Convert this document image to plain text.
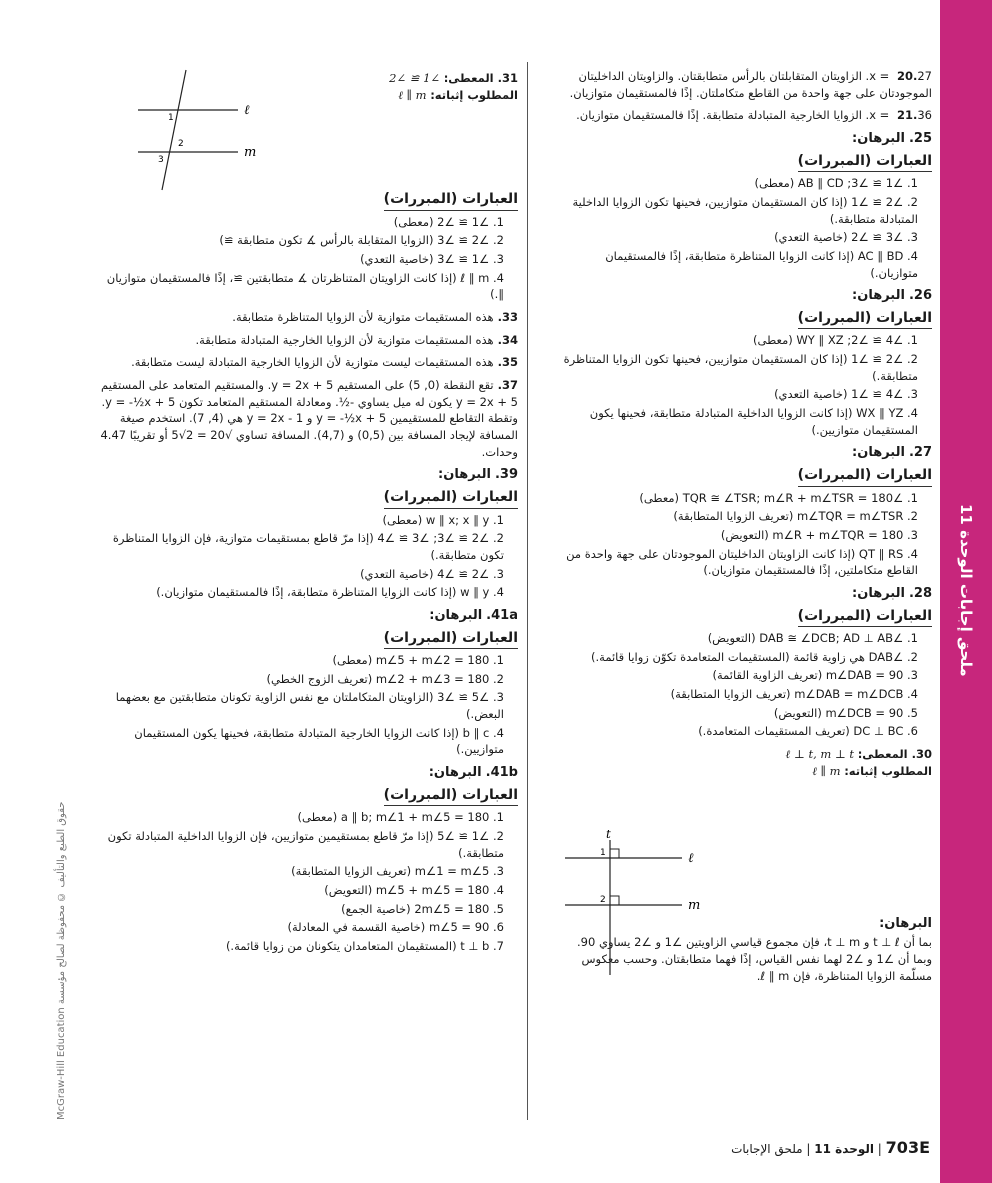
ملحق إجابات الوحدة 11
McGraw-Hill Education حقوق الطبع والتأليف © محفوظة لصالح مؤسسة
20.27 = x. الزاويتان المتقابلتان بالرأس متطابقتان. والزاويتان الداخليتان الموجودتان على جهة واحدة من القاطع متكاملتان. إذًا فالمستقيمان متوازيان.
21.36 = x. الزوايا الخارجية المتبادلة متطابقة. إذًا فالمستقيمان متوازيان.
25.البرهان:
العبارات (المبررات)
1. ∠1 ≅ ∠3; AB ∥ CD (معطى)
2. ∠2 ≅ ∠1 (إذا كان المستقيمان متوازيين، فحينها تكون الزوايا الداخلية المتبادلة متطابقة.)
3. ∠3 ≅ ∠2 (خاصية التعدي)
4. AC ∥ BD (إذا كانت الزوايا المتناظرة متطابقة، إذًا فالمستقيمان متوازيان.)
26.البرهان:
العبارات (المبررات)
1. ∠4 ≅ ∠2; WY ∥ XZ (معطى)
2. ∠2 ≅ ∠1 (إذا كان المستقيمان متوازيين، فحينها تكون الزوايا المتناظرة متطابقة.)
3. ∠4 ≅ ∠1 (خاصية التعدي)
4. WX ∥ YZ (إذا كانت الزوايا الداخلية المتبادلة متطابقة، فحينها يكون المستقيمان متوازيين.)
27.البرهان:
العبارات (المبررات)
1. ∠TQR ≅ ∠TSR; m∠R + m∠TSR = 180 (معطى)
2. m∠TQR = m∠TSR (تعريف الزوايا المتطابقة)
3. m∠R + m∠TQR = 180 (التعويض)
4. QT ∥ RS (إذا كانت الزاويتان الداخليتان الموجودتان على جهة واحدة من القاطع متكاملتين، إذًا فالمستقيمان متوازيان.)
28.البرهان:
العبارات (المبررات)
1. ∠DAB ≅ ∠DCB; AD ⊥ AB (التعويض)
2. ∠DAB هي زاوية قائمة (المستقيمات المتعامدة تكوّن زوايا قائمة.)
3. m∠DAB = 90 (تعريف الزاوية القائمة)
4. m∠DAB = m∠DCB (تعريف الزوايا المتطابقة)
5. m∠DCB = 90 (التعويض)
6. DC ⊥ BC (تعريف المستقيمات المتعامدة.)
30.المعطى: ℓ ⊥ t, m ⊥ t
المطلوب إثباته: ℓ ∥ m
البرهان:
بما أن t ⊥ ℓ و t ⊥ m، فإن مجموع قياسي الزاويتين ∠1 و ∠2 يساوي 90. وبما أن ∠1 و ∠2 لهما نفس القياس، إذًا فهما متطابقتان. وحسب معكوس مسلّمة الزوايا المتناظرة، فإن ℓ ∥ m.
t
ℓ
m
1
2
31.المعطى: ∠1 ≅ ∠2
المطلوب إثباته: ℓ ∥ m
العبارات (المبررات)
1. ∠1 ≅ ∠2 (معطى)
2. ∠2 ≅ ∠3 (الزوايا المتقابلة بالرأس ∡ تكون متطابقة ≅)
3. ∠1 ≅ ∠3 (خاصية التعدي)
4. ℓ ∥ m (إذا كانت الزاويتان المتناظرتان ∡ متطابقتين ≅، إذًا فالمستقيمان متوازيان ∥.)
33.هذه المستقيمات متوازية لأن الزوايا المتناظرة متطابقة.
34.هذه المستقيمات متوازية لأن الزوايا الخارجية المتبادلة متطابقة.
35.هذه المستقيمات ليست متوازية لأن الزوايا الخارجية المتبادلة ليست متطابقة.
37.تقع النقطة (0, 5) على المستقيم y = 2x + 5. والمستقيم المتعامد على المستقيم y = 2x + 5 يكون له ميل يساوي -½. ومعادلة المستقيم المتعامد تكون y = -½x + 5. وتقطة التقاطع للمستقيمين y = -½x + 5 و y = 2x - 1 هي (4, 7). استخدم صيغة المسافة لإيجاد المسافة بين (0,5) و (4,7). المسافة تساوي √20 = 2√5 أو تقريبًا 4.47 وحدات.
39.البرهان:
العبارات (المبررات)
1. w ∥ x; x ∥ y (معطى)
2. ∠2 ≅ ∠3; ∠3 ≅ ∠4 (إذا مرّ قاطع بمستقيمات متوازية، فإن الزوايا المتناظرة تكون متطابقة.)
3. ∠2 ≅ ∠4 (خاصية التعدي)
4. w ∥ y (إذا كانت الزوايا المتناظرة متطابقة، إذًا فالمستقيمان متوازيان.)
41a.البرهان:
العبارات (المبررات)
1. m∠5 + m∠2 = 180 (معطى)
2. m∠2 + m∠3 = 180 (تعريف الزوج الخطي)
3. ∠5 ≅ ∠3 (الزاويتان المتكاملتان مع نفس الزاوية تكونان متطابقتين مع بعضهما البعض.)
4. b ∥ c (إذا كانت الزوايا الخارجية المتبادلة متطابقة، فحينها يكون المستقيمان متوازيين.)
41b.البرهان:
العبارات (المبررات)
1. a ∥ b; m∠1 + m∠5 = 180 (معطى)
2. ∠1 ≅ ∠5 (إذا مرّ قاطع بمستقيمين متوازيين، فإن الزوايا الداخلية المتبادلة تكون متطابقة.)
3. m∠1 = m∠5 (تعريف الزوايا المتطابقة)
4. m∠5 + m∠5 = 180 (التعويض)
5. 2m∠5 = 180 (خاصية الجمع)
6. m∠5 = 90 (خاصية القسمة في المعادلة)
7. t ⊥ b (المستقيمان المتعامدان يتكونان من زوايا قائمة.)
ℓ
m
1
2
3
703E | الوحدة 11 | ملحق الإجابات
